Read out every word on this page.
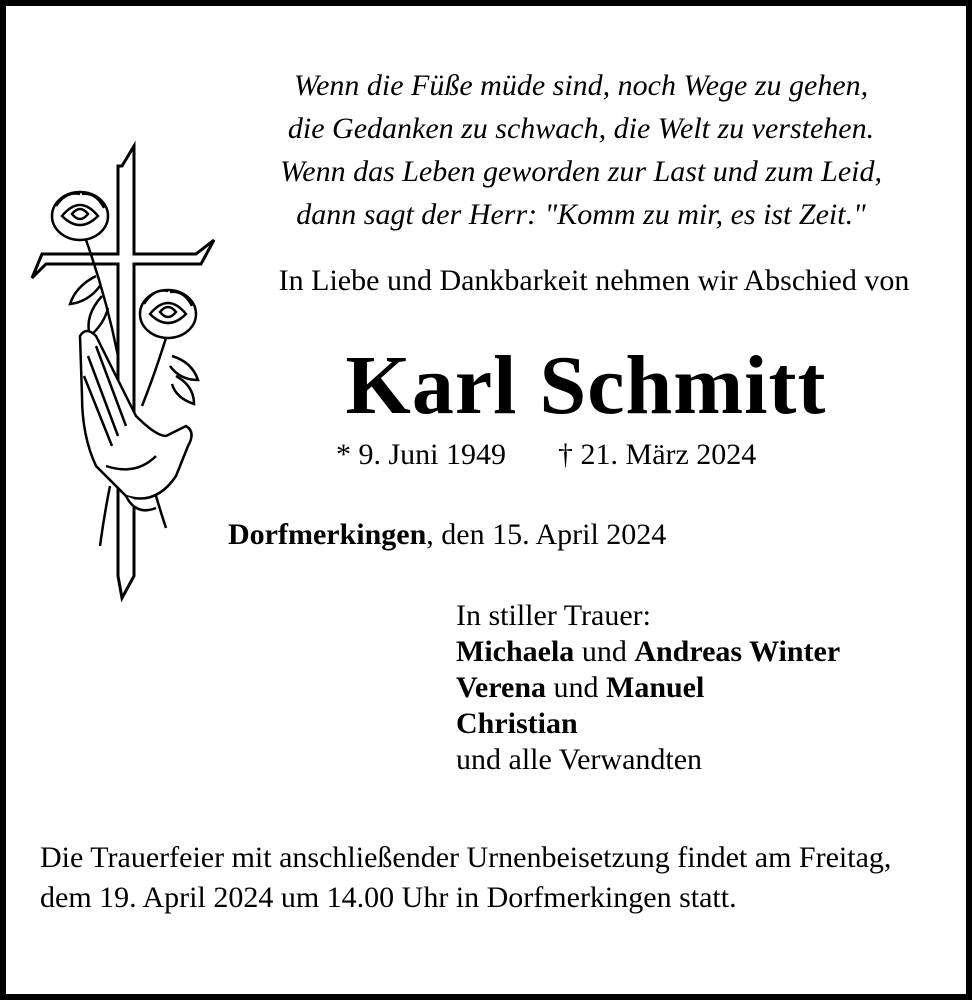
Wenn die Füße müde sind, noch Wege zu gehen,
die Gedanken zu schwach, die Welt zu verstehen.
Wenn das Leben geworden zur Last und zum Leid,
dann sagt der Herr: "Komm zu mir, es ist Zeit."
In Liebe und Dankbarkeit nehmen wir Abschied von
Karl Schmitt
* 9. Juni 1949 † 21. März 2024
Dorfmerkingen, den 15. April 2024
In stiller Trauer:
Michaela und Andreas Winter
Verena und Manuel
Christian
und alle Verwandten
Die Trauerfeier mit anschließender Urnenbeisetzung findet am Freitag, dem 19. April 2024 um 14.00 Uhr in Dorfmerkingen statt.
